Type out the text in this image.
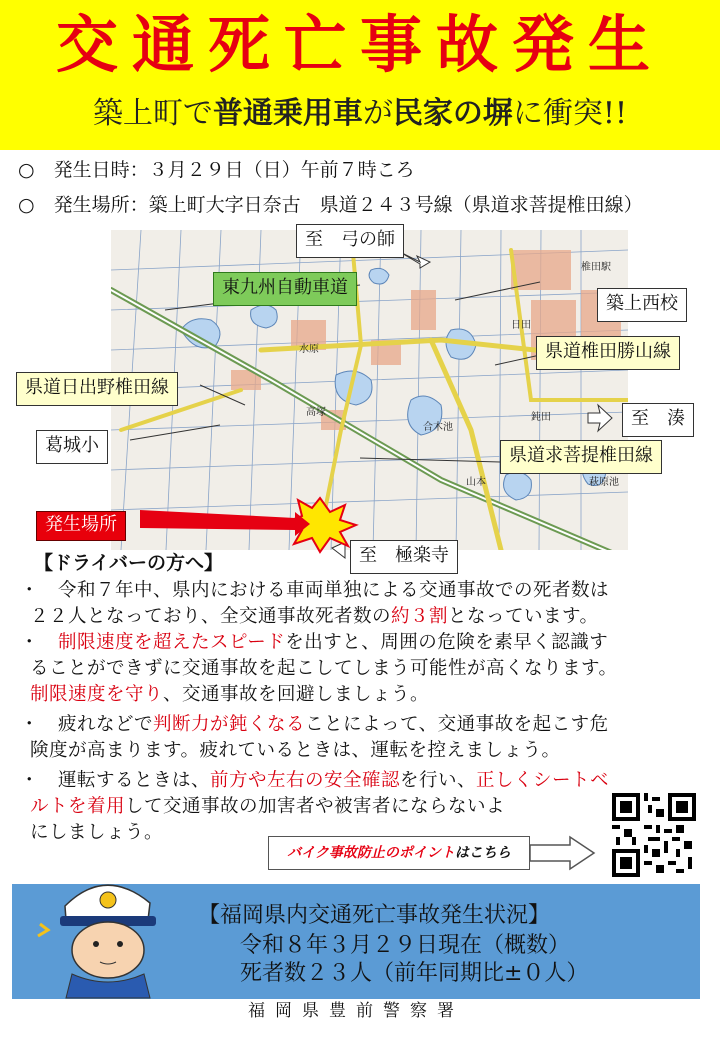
交通死亡事故発生
築上町で普通乗用車が民家の塀に衝突!!
○　発生日時：３月２９日（日）午前７時ころ
○　発生場所：築上町大字日奈古　県道２４３号線（県道求菩提椎田線）
水原
高塚
山本
合木池
萩原池
椎田駅
日田
鈍田
至　弓の師
東九州自動車道
築上西校
県道椎田勝山線
県道日出野椎田線
至　湊
葛城小	県道求菩提椎田線
発生場所
至　極楽寺
【ドライバーの方へ】
・　令和７年中、県内における車両単独による交通事故での死者数は
２２人となっており、全交通事故死者数の約３割となっています。
・　制限速度を超えたスピードを出すと、周囲の危険を素早く認識す
ることができずに交通事故を起こしてしまう可能性が高くなります。
制限速度を守り、交通事故を回避しましょう。
・　疲れなどで判断力が鈍くなることによって、交通事故を起こす危
険度が高まります。疲れているときは、運転を控えましょう。
・　運転するときは、前方や左右の安全確認を行い、正しくシートベ
ルトを着用して交通事故の加害者や被害者にならないよ
にしましょう。
バイク事故防止のポイントはこちら
【福岡県内交通死亡事故発生状況】
令和８年３月２９日現在（概数）
死者数２３人（前年同期比±０人）
福岡県豊前警察署
